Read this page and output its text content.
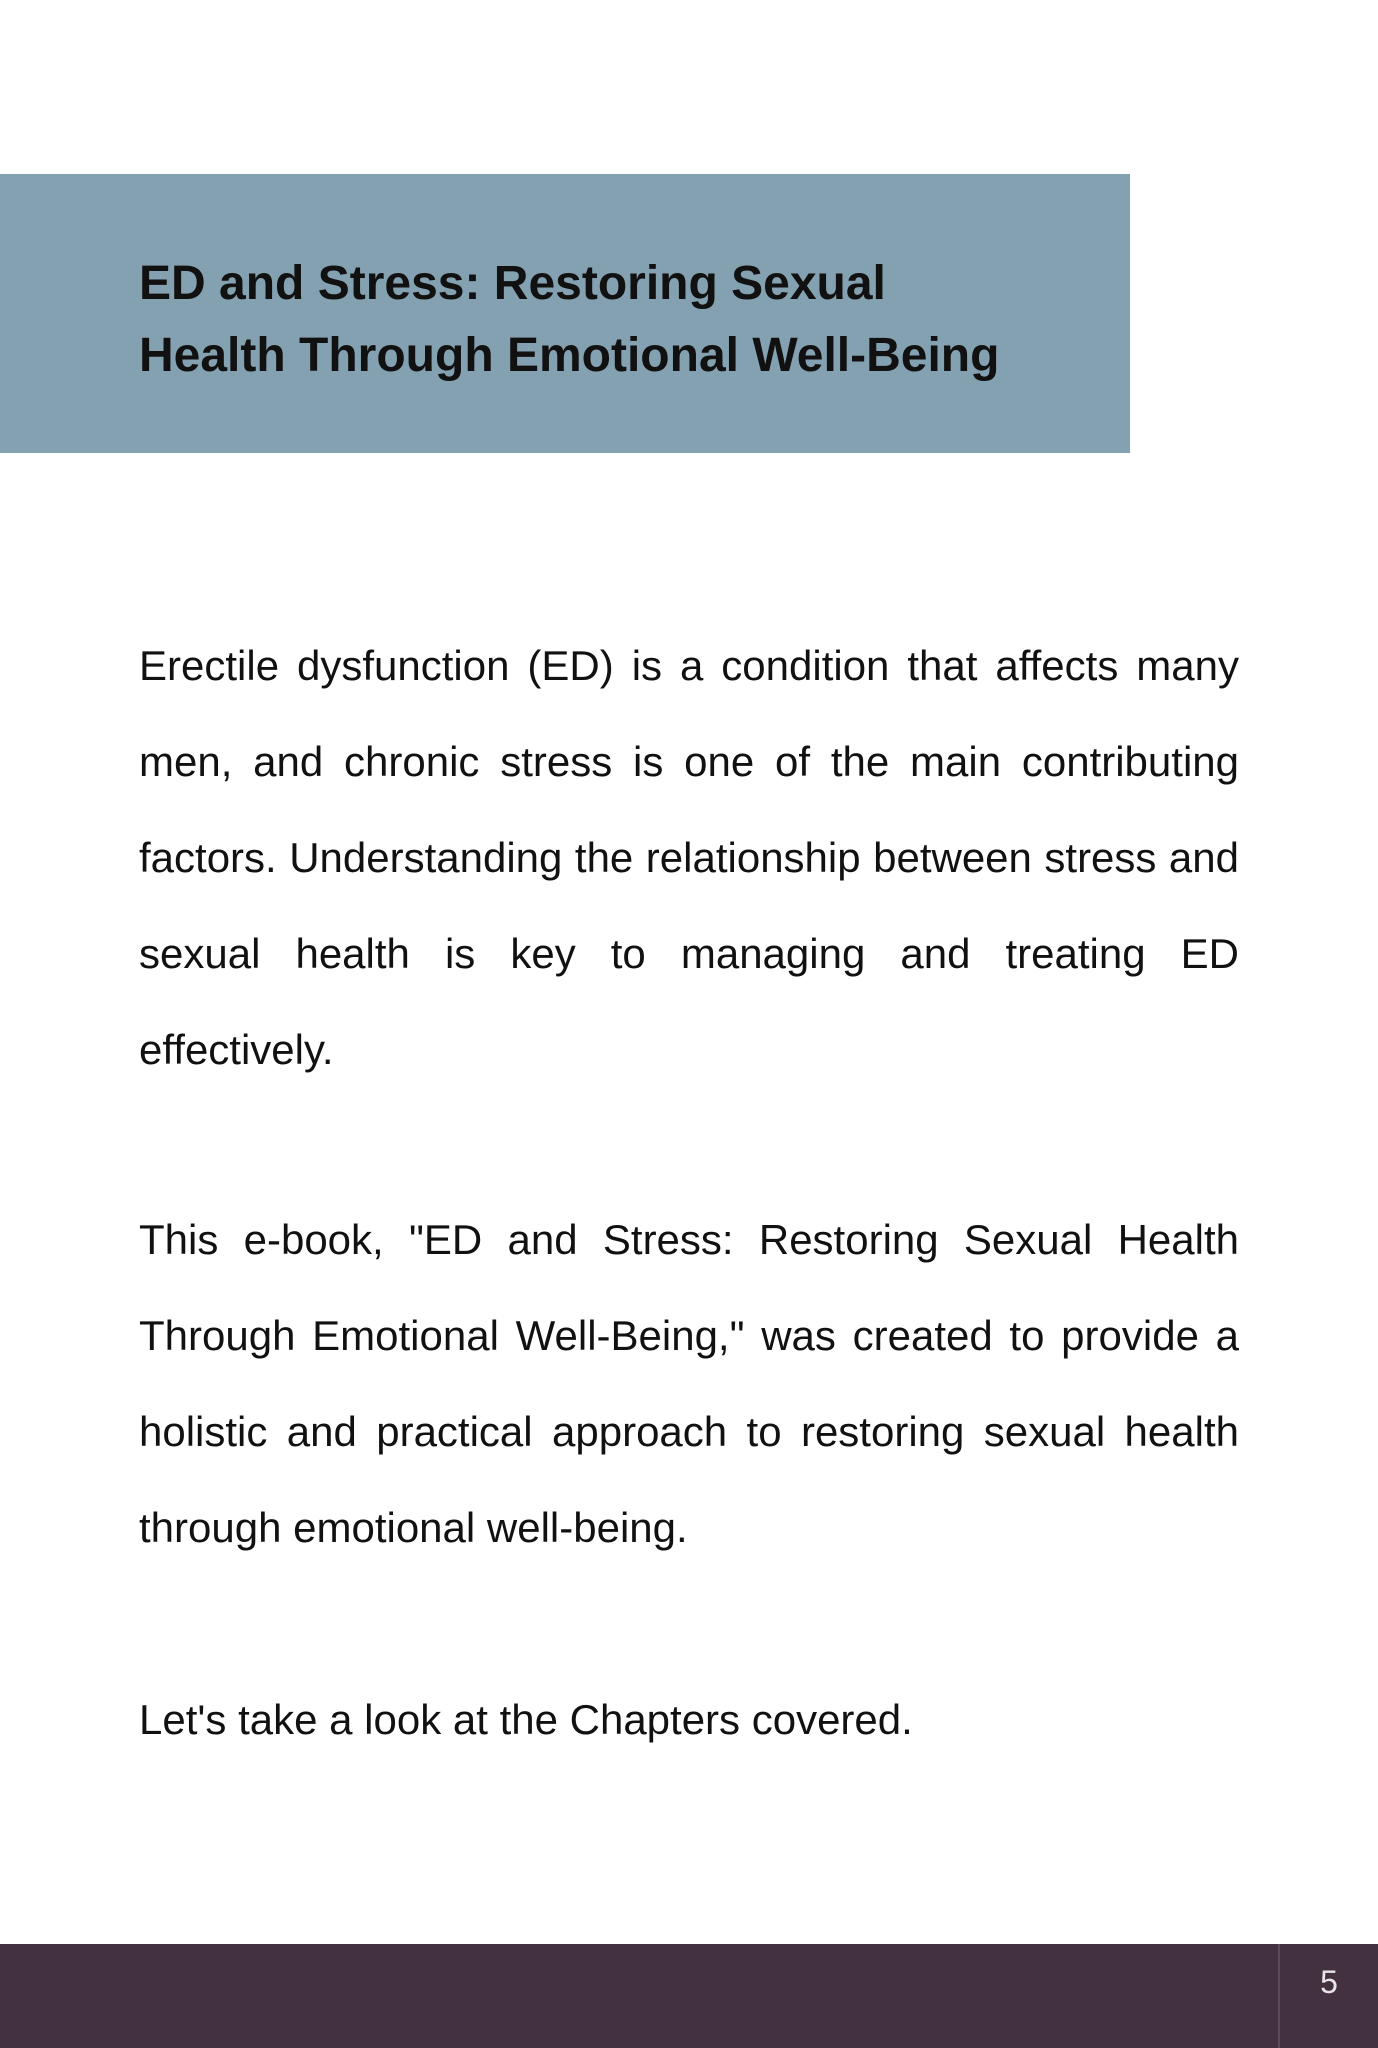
ED and Stress: Restoring Sexual
Health Through Emotional Well-Being

Erectile dysfunction (ED) is a condition that affects many men, and chronic stress is one of the main contributing factors. Understanding the relationship between stress and sexual health is key to managing and treating ED effectively.

This e-book, "ED and Stress: Restoring Sexual Health Through Emotional Well-Being," was created to provide a holistic and practical approach to restoring sexual health through emotional well-being.

Let's take a look at the Chapters covered.

5
